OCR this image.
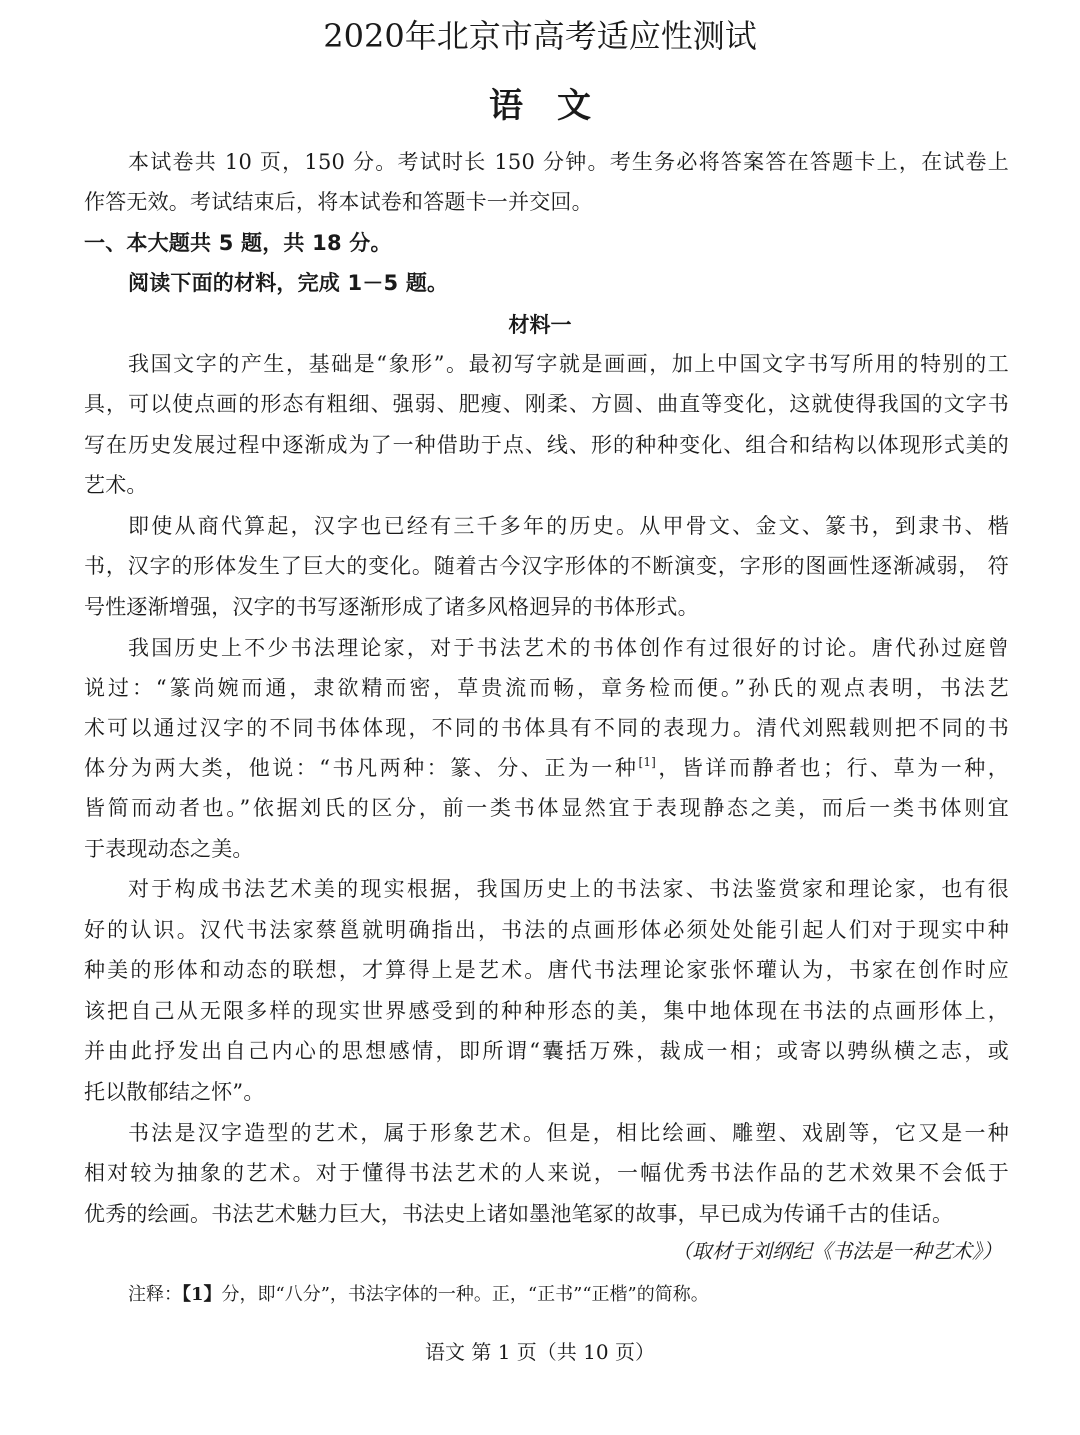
2020年北京市高考适应性测试
语 文
本试卷共 10 页，150 分。考试时长 150 分钟。考生务必将答案答在答题卡上，在试卷上
作答无效。考试结束后，将本试卷和答题卡一并交回。
一、本大题共 5 题，共 18 分。
阅读下面的材料，完成 1－5 题。
材料一
我国文字的产生，基础是“象形”。最初写字就是画画，加上中国文字书写所用的特别的工
具，可以使点画的形态有粗细、强弱、肥瘦、刚柔、方圆、曲直等变化，这就使得我国的文字书
写在历史发展过程中逐渐成为了一种借助于点、线、形的种种变化、组合和结构以体现形式美的
艺术。
即使从商代算起，汉字也已经有三千多年的历史。从甲骨文、金文、篆书，到隶书、楷
书，汉字的形体发生了巨大的变化。随着古今汉字形体的不断演变，字形的图画性逐渐减弱， 符
号性逐渐增强，汉字的书写逐渐形成了诸多风格迥异的书体形式。
我国历史上不少书法理论家，对于书法艺术的书体创作有过很好的讨论。唐代孙过庭曾
说过：“篆尚婉而通，隶欲精而密，草贵流而畅，章务检而便。”孙氏的观点表明，书法艺
术可以通过汉字的不同书体体现，不同的书体具有不同的表现力。清代刘熙载则把不同的书
体分为两大类，他说：“书凡两种：篆、分、正为一种[1]，皆详而静者也；行、草为一种，
皆简而动者也。”依据刘氏的区分，前一类书体显然宜于表现静态之美，而后一类书体则宜
于表现动态之美。
对于构成书法艺术美的现实根据，我国历史上的书法家、书法鉴赏家和理论家，也有很
好的认识。汉代书法家蔡邕就明确指出，书法的点画形体必须处处能引起人们对于现实中种
种美的形体和动态的联想，才算得上是艺术。唐代书法理论家张怀瓘认为，书家在创作时应
该把自己从无限多样的现实世界感受到的种种形态的美，集中地体现在书法的点画形体上，
并由此抒发出自己内心的思想感情，即所谓“囊括万殊，裁成一相；或寄以骋纵横之志，或
托以散郁结之怀”。
书法是汉字造型的艺术，属于形象艺术。但是，相比绘画、雕塑、戏剧等，它又是一种
相对较为抽象的艺术。对于懂得书法艺术的人来说，一幅优秀书法作品的艺术效果不会低于
优秀的绘画。书法艺术魅力巨大，书法史上诸如墨池笔冢的故事，早已成为传诵千古的佳话。
（取材于刘纲纪《书法是一种艺术》）
注释：【1】分，即“八分”，书法字体的一种。正，“正书”“正楷”的简称。
语文 第 1 页（共 10 页）
